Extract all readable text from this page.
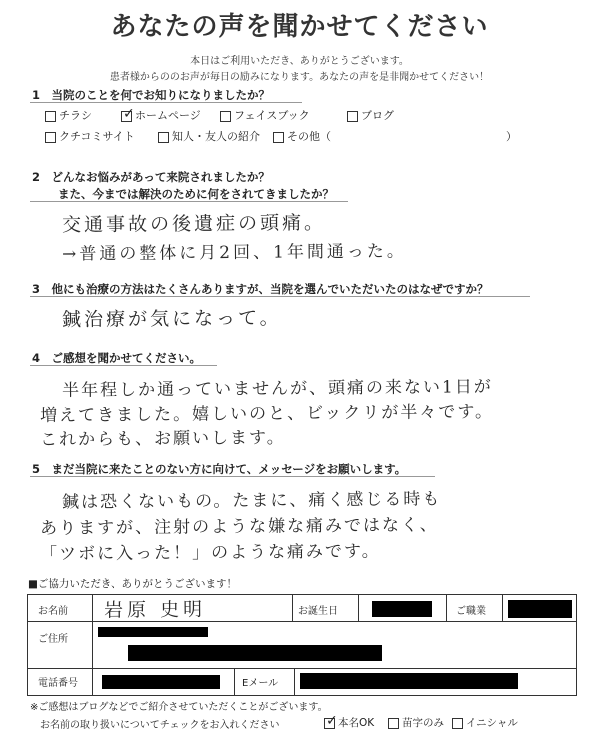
あなたの声を聞かせてください
本日はご利用いただき、ありがとうございます。
患者様からののお声が毎日の励みになります。あなたの声を是非聞かせてください！
1　当院のことを何でお知りになりましたか？
チラシ ✓ ホームページ	フェイスブック	ブログ
クチコミサイト	知人・友人の紹介	その他（	）
2　どんなお悩みがあって来院されましたか？
また、今までは解決のために何をされてきましたか？
交通事故の後遺症の頭痛。
→普通の整体に月2回、1年間通った。
3　他にも治療の方法はたくさんありますが、当院を選んでいただいたのはなぜですか？
鍼治療が気になって。
4　ご感想を聞かせてください。
半年程しか通っていませんが、頭痛の来ない1日が
増えてきました。嬉しいのと、ビックリが半々です。
これからも、お願いします。
5　まだ当院に来たことのない方に向けて、メッセージをお願いします。
鍼は恐くないもの。たまに、痛く感じる時も
ありますが、注射のような嫌な痛みではなく、
「ツボに入った！」のような痛みです。
■ご協力いただき、ありがとうございます！
お名前 岩原 史明	お誕生日	ご職業
ご住所
電話番号	Eメール
※ご感想はブログなどでご紹介させていただくことがございます。
お名前の取り扱いについてチェックをお入れください	✓ 本名OK	苗字のみ	イニシャル
